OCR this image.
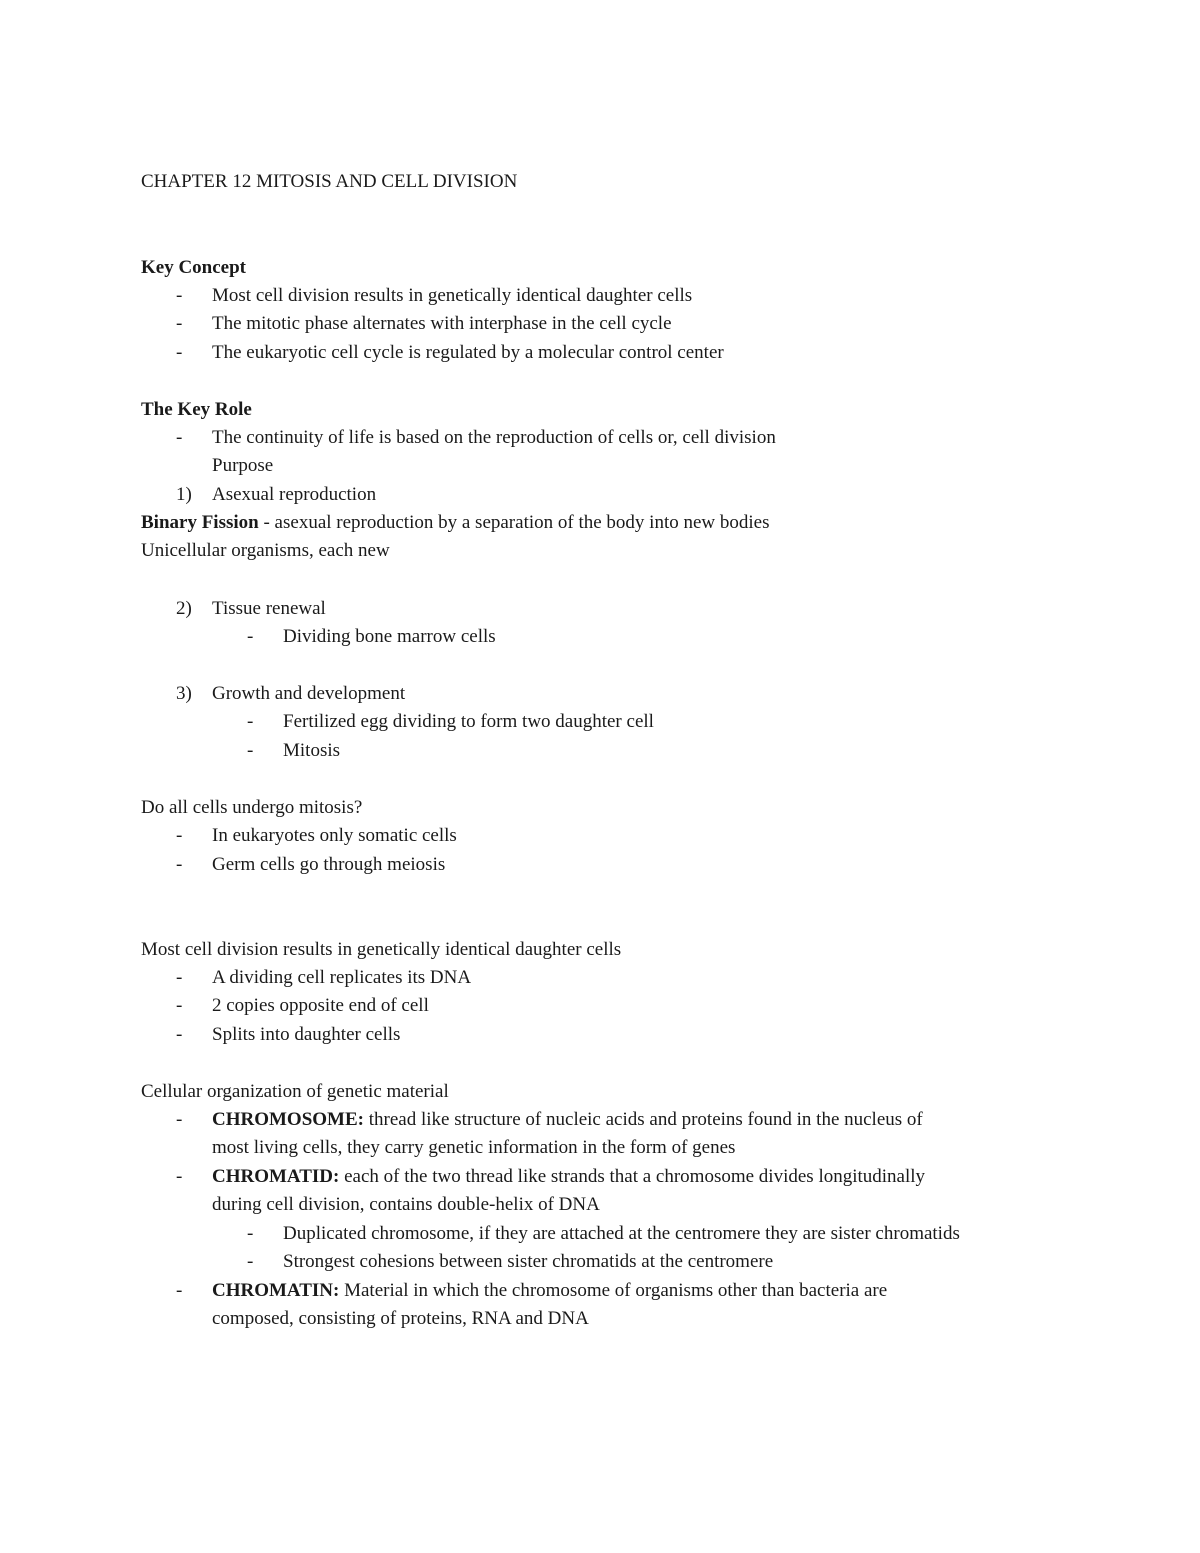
CHAPTER 12 MITOSIS AND CELL DIVISION
Key Concept
- Most cell division results in genetically identical daughter cells
- The mitotic phase alternates with interphase in the cell cycle
- The eukaryotic cell cycle is regulated by a molecular control center
The Key Role
- The continuity of life is based on the reproduction of cells or, cell division
Purpose
1) Asexual reproduction
Binary Fission - asexual reproduction by a separation of the body into new bodies
Unicellular organisms, each new
2) Tissue renewal
- Dividing bone marrow cells
3) Growth and development
- Fertilized egg dividing to form two daughter cell
- Mitosis
Do all cells undergo mitosis?
- In eukaryotes only somatic cells
- Germ cells go through meiosis
Most cell division results in genetically identical daughter cells
- A dividing cell replicates its DNA
- 2 copies opposite end of cell
- Splits into daughter cells
Cellular organization of genetic material
- CHROMOSOME: thread like structure of nucleic acids and proteins found in the nucleus of
most living cells, they carry genetic information in the form of genes
- CHROMATID: each of the two thread like strands that a chromosome divides longitudinally
during cell division, contains double-helix of DNA
- Duplicated chromosome, if they are attached at the centromere they are sister chromatids
- Strongest cohesions between sister chromatids at the centromere
- CHROMATIN: Material in which the chromosome of organisms other than bacteria are
composed, consisting of proteins, RNA and DNA
